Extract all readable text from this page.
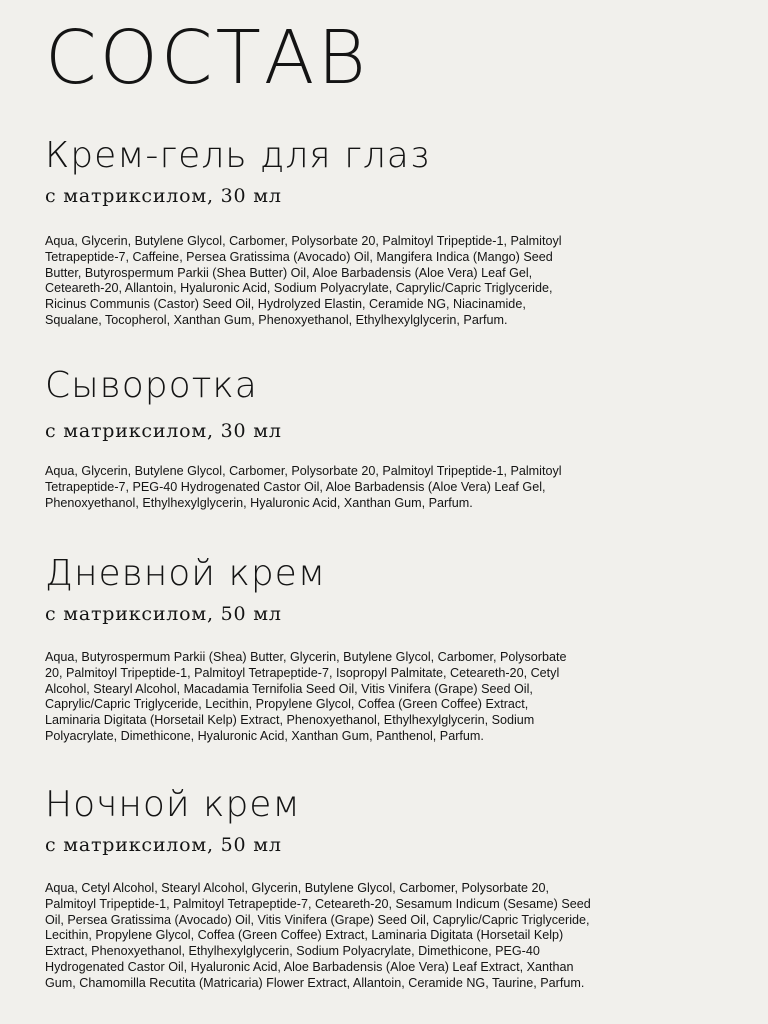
СОСТАВ
Крем-гель для глаз

с матриксилом, 30 мл

Aqua, Glycerin, Butylene Glycol, Carbomer, Polysorbate 20, Palmitoyl Tripeptide-1, Palmitoyl
Tetrapeptide-7, Caffeine, Persea Gratissima (Avocado) Oil, Mangifera Indica (Mango) Seed
Butter, Butyrospermum Parkii (Shea Butter) Oil, Aloe Barbadensis (Aloe Vera) Leaf Gel,
Ceteareth-20, Allantoin, Hyaluronic Acid, Sodium Polyacrylate, Caprylic/Capric Triglyceride,
Ricinus Communis (Castor) Seed Oil, Hydrolyzed Elastin, Ceramide NG, Niacinamide,
Squalane, Tocopherol, Xanthan Gum, Phenoxyethanol, Ethylhexylglycerin, Parfum.

Сыворотка

с матриксилом, 30 мл

Aqua, Glycerin, Butylene Glycol, Carbomer, Polysorbate 20, Palmitoyl Tripeptide-1, Palmitoyl
Tetrapeptide-7, PEG-40 Hydrogenated Castor Oil, Aloe Barbadensis (Aloe Vera) Leaf Gel,
Phenoxyethanol, Ethylhexylglycerin, Hyaluronic Acid, Xanthan Gum, Parfum.

Дневной крем

с матриксилом, 50 мл

Aqua, Butyrospermum Parkii (Shea) Butter, Glycerin, Butylene Glycol, Carbomer, Polysorbate
20, Palmitoyl Tripeptide-1, Palmitoyl Tetrapeptide-7, Isopropyl Palmitate, Ceteareth-20, Cetyl
Alcohol, Stearyl Alcohol, Macadamia Ternifolia Seed Oil, Vitis Vinifera (Grape) Seed Oil,
Caprylic/Capric Triglyceride, Lecithin, Propylene Glycol, Coffea (Green Coffee) Extract,
Laminaria Digitata (Horsetail Kelp) Extract, Phenoxyethanol, Ethylhexylglycerin, Sodium
Polyacrylate, Dimethicone, Hyaluronic Acid, Xanthan Gum, Panthenol, Parfum.

Ночной крем

с матриксилом, 50 мл

Aqua, Cetyl Alcohol, Stearyl Alcohol, Glycerin, Butylene Glycol, Carbomer, Polysorbate 20,
Palmitoyl Tripeptide-1, Palmitoyl Tetrapeptide-7, Ceteareth-20, Sesamum Indicum (Sesame) Seed
Oil, Persea Gratissima (Avocado) Oil, Vitis Vinifera (Grape) Seed Oil, Caprylic/Capric Triglyceride,
Lecithin, Propylene Glycol, Coffea (Green Coffee) Extract, Laminaria Digitata (Horsetail Kelp)
Extract, Phenoxyethanol, Ethylhexylglycerin, Sodium Polyacrylate, Dimethicone, PEG-40
Hydrogenated Castor Oil, Hyaluronic Acid, Aloe Barbadensis (Aloe Vera) Leaf Extract, Xanthan
Gum, Chamomilla Recutita (Matricaria) Flower Extract, Allantoin, Ceramide NG, Taurine, Parfum.
